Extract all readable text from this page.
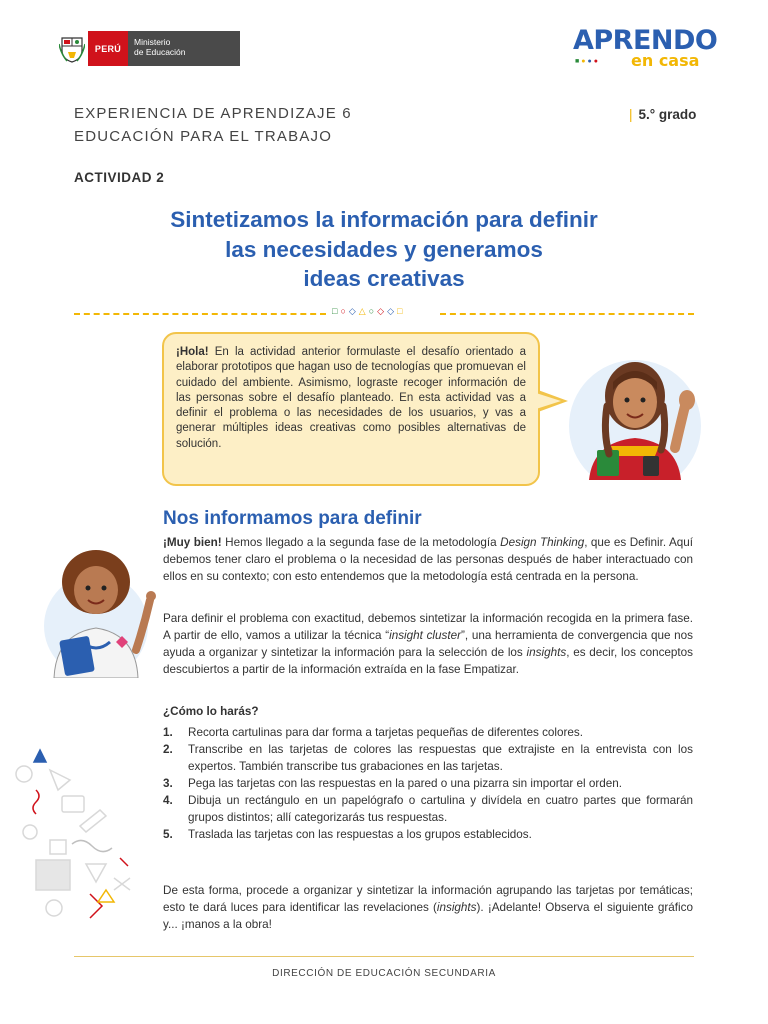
PERÚ
Ministerio
de Educación	APRENDO
■●●● en casa
EXPERIENCIA DE APRENDIZAJE 6
EDUCACIÓN PARA EL TRABAJO
| 5.° grado
ACTIVIDAD 2
Sintetizamos la información para definir
las necesidades y generamos
ideas creativas
□○◇△○◇◇□
¡Hola! En la actividad anterior formulaste el desafío orientado a elaborar prototipos que hagan uso de tecnologías que promuevan el cuidado del ambiente. Asimismo, lograste recoger información de las personas sobre el desafío planteado. En esta actividad vas a definir el problema o las necesidades de los usuarios, y vas a generar múltiples ideas creativas como posibles alternativas de solución.
Nos informamos para definir
¡Muy bien! Hemos llegado a la segunda fase de la metodología Design Thinking, que es Definir. Aquí debemos tener claro el problema o la necesidad de las personas después de haber interactuado con ellos en su contexto; con esto entendemos que la metodología está centrada en la persona.
Para definir el problema con exactitud, debemos sintetizar la información recogida en la primera fase. A partir de ello, vamos a utilizar la técnica “insight cluster”, una herramienta de convergencia que nos ayuda a organizar y sintetizar la información para la selección de los insights, es decir, los conceptos descubiertos a partir de la información extraída en la fase Empatizar.
¿Cómo lo harás?
1. Recorta cartulinas para dar forma a tarjetas pequeñas de diferentes colores.
2. Transcribe en las tarjetas de colores las respuestas que extrajiste en la entrevista con los expertos. También transcribe tus grabaciones en las tarjetas.
3. Pega las tarjetas con las respuestas en la pared o una pizarra sin importar el orden.
4. Dibuja un rectángulo en un papelógrafo o cartulina y divídela en cuatro partes que formarán grupos distintos; allí categorizarás tus respuestas.
5. Traslada las tarjetas con las respuestas a los grupos establecidos.
De esta forma, procede a organizar y sintetizar la información agrupando las tarjetas por temáticas; esto te dará luces para identificar las revelaciones (insights). ¡Adelante! Observa el siguiente gráfico y... ¡manos a la obra!
DIRECCIÓN DE EDUCACIÓN SECUNDARIA
